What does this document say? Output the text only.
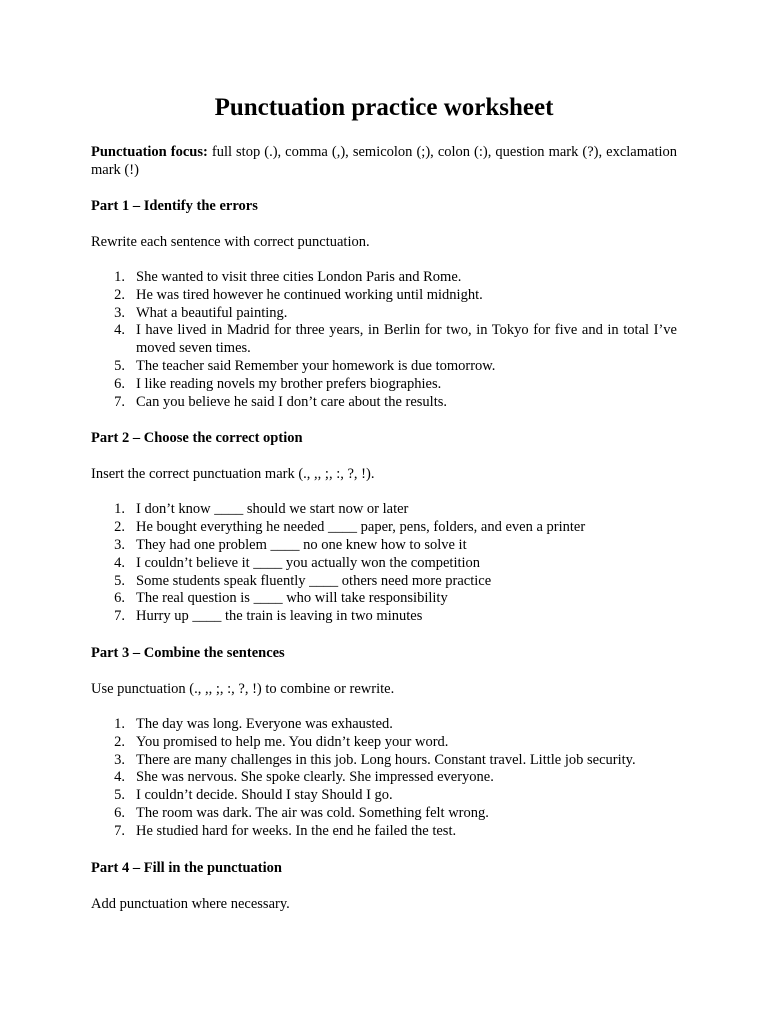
Punctuation practice worksheet

Punctuation focus: full stop (.), comma (,), semicolon (;), colon (:), question mark (?), exclamation mark (!)

Part 1 – Identify the errors

Rewrite each sentence with correct punctuation.

1. She wanted to visit three cities London Paris and Rome.
2. He was tired however he continued working until midnight.
3. What a beautiful painting.
4. I have lived in Madrid for three years, in Berlin for two, in Tokyo for five and in total I’ve moved seven times.
5. The teacher said Remember your homework is due tomorrow.
6. I like reading novels my brother prefers biographies.
7. Can you believe he said I don’t care about the results.

Part 2 – Choose the correct option

Insert the correct punctuation mark (., ,, ;, :, ?, !).

1. I don’t know ____ should we start now or later
2. He bought everything he needed ____ paper, pens, folders, and even a printer
3. They had one problem ____ no one knew how to solve it
4. I couldn’t believe it ____ you actually won the competition
5. Some students speak fluently ____ others need more practice
6. The real question is ____ who will take responsibility
7. Hurry up ____ the train is leaving in two minutes

Part 3 – Combine the sentences

Use punctuation (., ,, ;, :, ?, !) to combine or rewrite.

1. The day was long. Everyone was exhausted.
2. You promised to help me. You didn’t keep your word.
3. There are many challenges in this job. Long hours. Constant travel. Little job security.
4. She was nervous. She spoke clearly. She impressed everyone.
5. I couldn’t decide. Should I stay Should I go.
6. The room was dark. The air was cold. Something felt wrong.
7. He studied hard for weeks. In the end he failed the test.

Part 4 – Fill in the punctuation

Add punctuation where necessary.
